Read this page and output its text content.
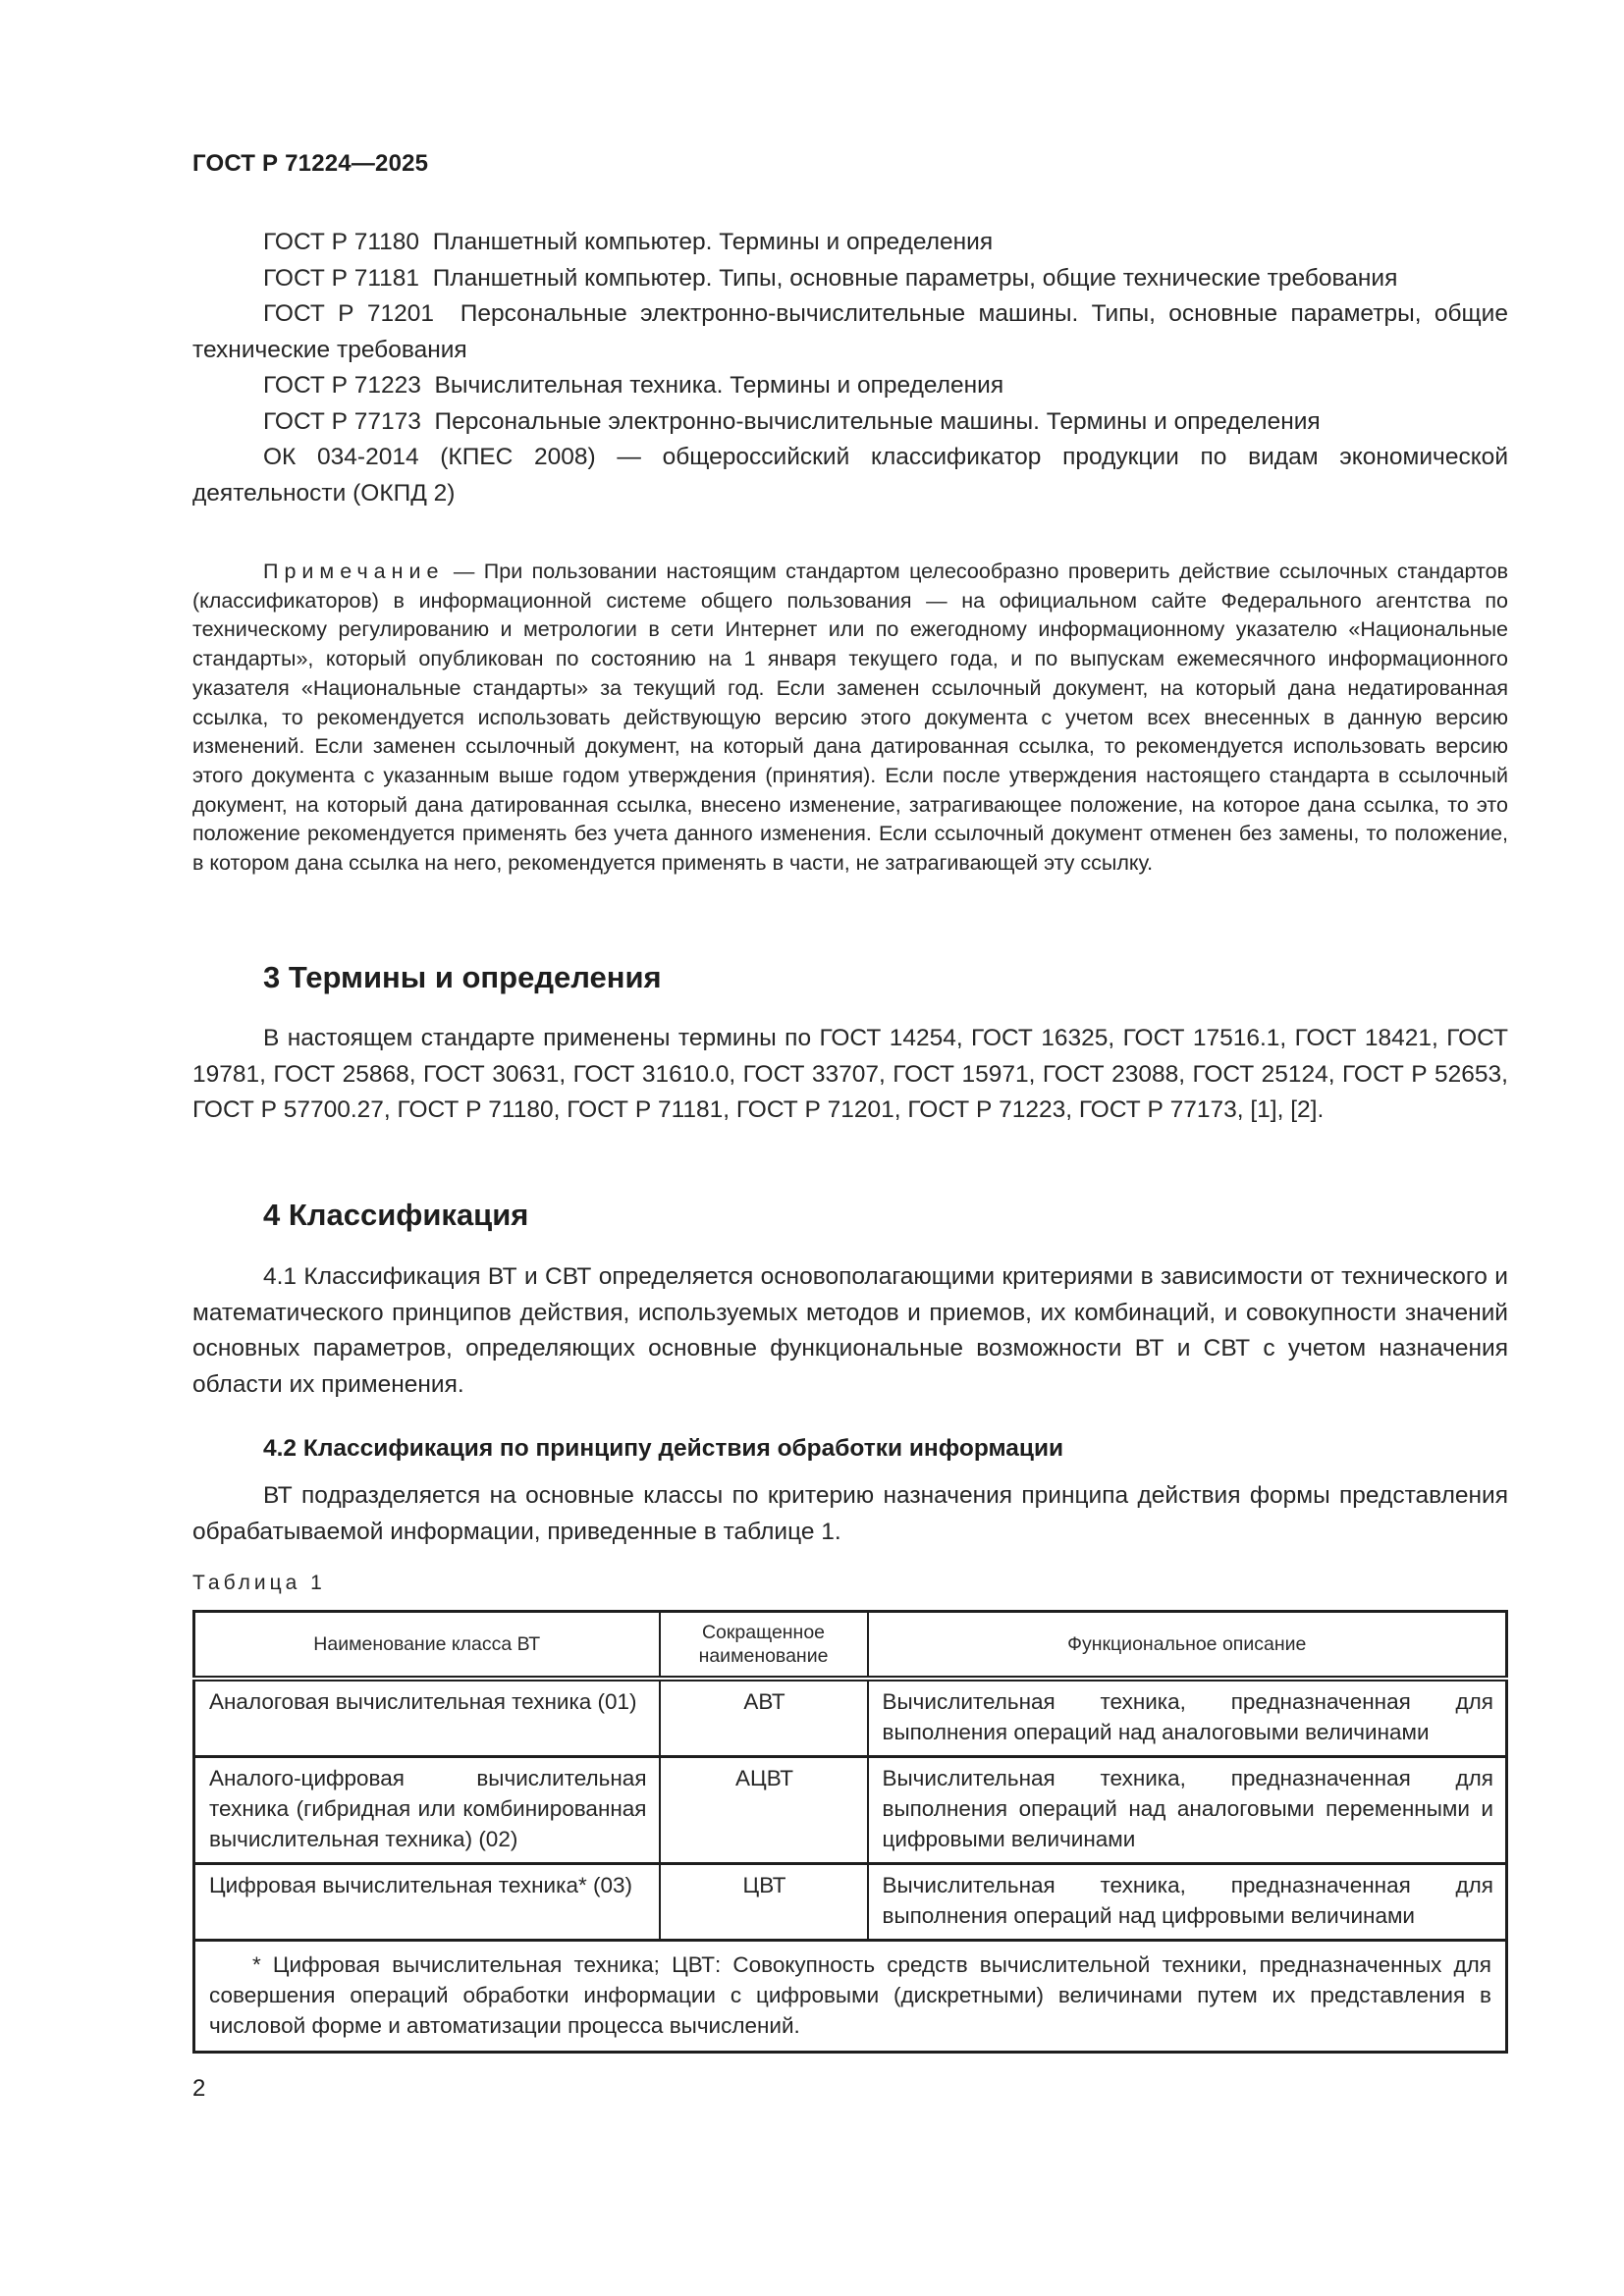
ГОСТ Р 71224—2025

ГОСТ Р 71180 Планшетный компьютер. Термины и определения

ГОСТ Р 71181 Планшетный компьютер. Типы, основные параметры, общие технические требования

ГОСТ Р 71201 Персональные электронно-вычислительные машины. Типы, основные параметры, общие технические требования

ГОСТ Р 71223 Вычислительная техника. Термины и определения

ГОСТ Р 77173 Персональные электронно-вычислительные машины. Термины и определения

ОК 034-2014 (КПЕС 2008) — общероссийский классификатор продукции по видам экономической деятельности (ОКПД 2)

Примечание — При пользовании настоящим стандартом целесообразно проверить действие ссылочных стандартов (классификаторов) в информационной системе общего пользования — на официальном сайте Федерального агентства по техническому регулированию и метрологии в сети Интернет или по ежегодному информационному указателю «Национальные стандарты», который опубликован по состоянию на 1 января текущего года, и по выпускам ежемесячного информационного указателя «Национальные стандарты» за текущий год. Если заменен ссылочный документ, на который дана недатированная ссылка, то рекомендуется использовать действующую версию этого документа с учетом всех внесенных в данную версию изменений. Если заменен ссылочный документ, на который дана датированная ссылка, то рекомендуется использовать версию этого документа с указанным выше годом утверждения (принятия). Если после утверждения настоящего стандарта в ссылочный документ, на который дана датированная ссылка, внесено изменение, затрагивающее положение, на которое дана ссылка, то это положение рекомендуется применять без учета данного изменения. Если ссылочный документ отменен без замены, то положение, в котором дана ссылка на него, рекомендуется применять в части, не затрагивающей эту ссылку.

3 Термины и определения

В настоящем стандарте применены термины по ГОСТ 14254, ГОСТ 16325, ГОСТ 17516.1, ГОСТ 18421, ГОСТ 19781, ГОСТ 25868, ГОСТ 30631, ГОСТ 31610.0, ГОСТ 33707, ГОСТ 15971, ГОСТ 23088, ГОСТ 25124, ГОСТ Р 52653, ГОСТ Р 57700.27, ГОСТ Р 71180, ГОСТ Р 71181, ГОСТ Р 71201, ГОСТ Р 71223, ГОСТ Р 77173, [1], [2].

4 Классификация

4.1 Классификация ВТ и СВТ определяется основополагающими критериями в зависимости от технического и математического принципов действия, используемых методов и приемов, их комбинаций, и совокупности значений основных параметров, определяющих основные функциональные возможности ВТ и СВТ с учетом назначения области их применения.

4.2 Классификация по принципу действия обработки информации

ВТ подразделяется на основные классы по критерию назначения принципа действия формы представления обрабатываемой информации, приведенные в таблице 1.

Таблица 1
Наименование класса ВТ	Сокращенное наименование	Функциональное описание
Аналоговая вычислительная техника (01)	АВТ	Вычислительная техника, предназначенная для выполнения операций над аналоговыми величинами
Аналого-цифровая вычислительная техника (гибридная или комбинированная вычислительная техника) (02)	АЦВТ	Вычислительная техника, предназначенная для выполнения операций над аналоговыми переменными и цифровыми величинами
Цифровая вычислительная техника* (03)	ЦВТ	Вычислительная техника, предназначенная для выполнения операций над цифровыми величинами
* Цифровая вычислительная техника; ЦВТ: Совокупность средств вычислительной техники, предназначенных для совершения операций обработки информации с цифровыми (дискретными) величинами путем их представления в числовой форме и автоматизации процесса вычислений.		
2
